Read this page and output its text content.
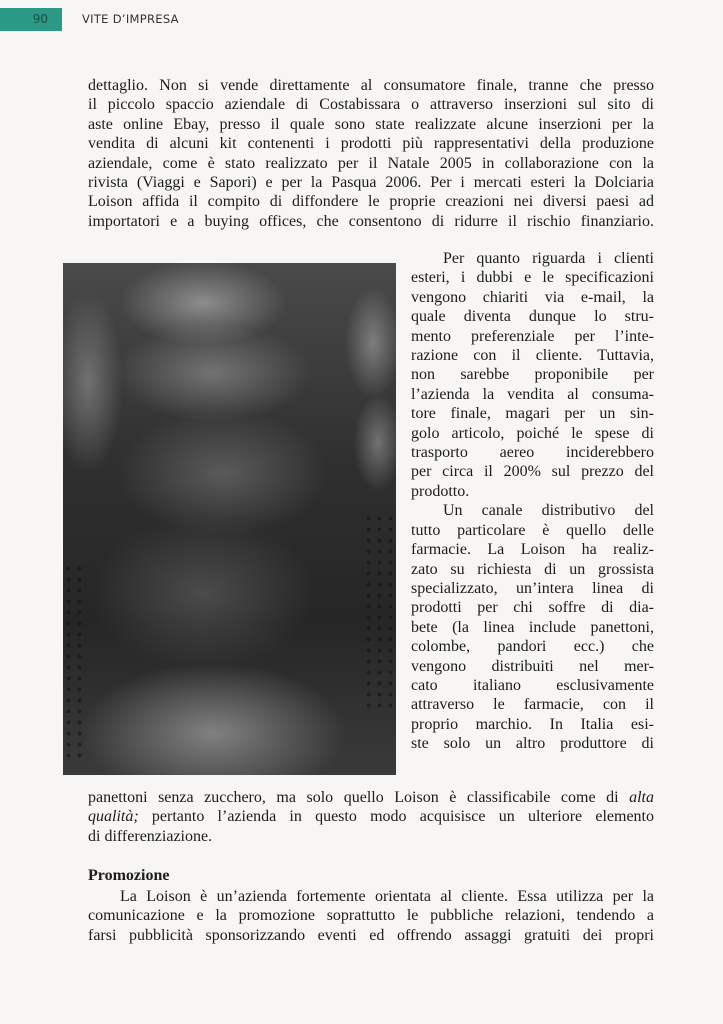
90	VITE D’IMPRESA
dettaglio. Non si vende direttamente al consumatore finale, tranne che presso
il piccolo spaccio aziendale di Costabissara o attraverso inserzioni sul sito di
aste online Ebay, presso il quale sono state realizzate alcune inserzioni per la
vendita di alcuni kit contenenti i prodotti più rappresentativi della produzione
aziendale, come è stato realizzato per il Natale 2005 in collaborazione con la
rivista (Viaggi e Sapori) e per la Pasqua 2006. Per i mercati esteri la Dolciaria
Loison affida il compito di diffondere le proprie creazioni nei diversi paesi ad
importatori e a buying offices, che consentono di ridurre il rischio finanziario.
Per quanto riguarda i clienti
esteri, i dubbi e le specificazioni
vengono chiariti via e-mail, la
quale diventa dunque lo stru-
mento preferenziale per l’inte-
razione con il cliente. Tuttavia,
non sarebbe proponibile per
l’azienda la vendita al consuma-
tore finale, magari per un sin-
golo articolo, poiché le spese di
trasporto aereo inciderebbero
per circa il 200% sul prezzo del
prodotto.
Un canale distributivo del
tutto particolare è quello delle
farmacie. La Loison ha realiz-
zato su richiesta di un grossista
specializzato, un’intera linea di
prodotti per chi soffre di dia-
bete (la linea include panettoni,
colombe, pandori ecc.) che
vengono distribuiti nel mer-
cato italiano esclusivamente
attraverso le farmacie, con il
proprio marchio. In Italia esi-
ste solo un altro produttore di
panettoni senza zucchero, ma solo quello Loison è classificabile come di alta
qualità; pertanto l’azienda in questo modo acquisisce un ulteriore elemento
di differenziazione.
Promozione
La Loison è un’azienda fortemente orientata al cliente. Essa utilizza per la
comunicazione e la promozione soprattutto le pubbliche relazioni, tendendo a
farsi pubblicità sponsorizzando eventi ed offrendo assaggi gratuiti dei propri
